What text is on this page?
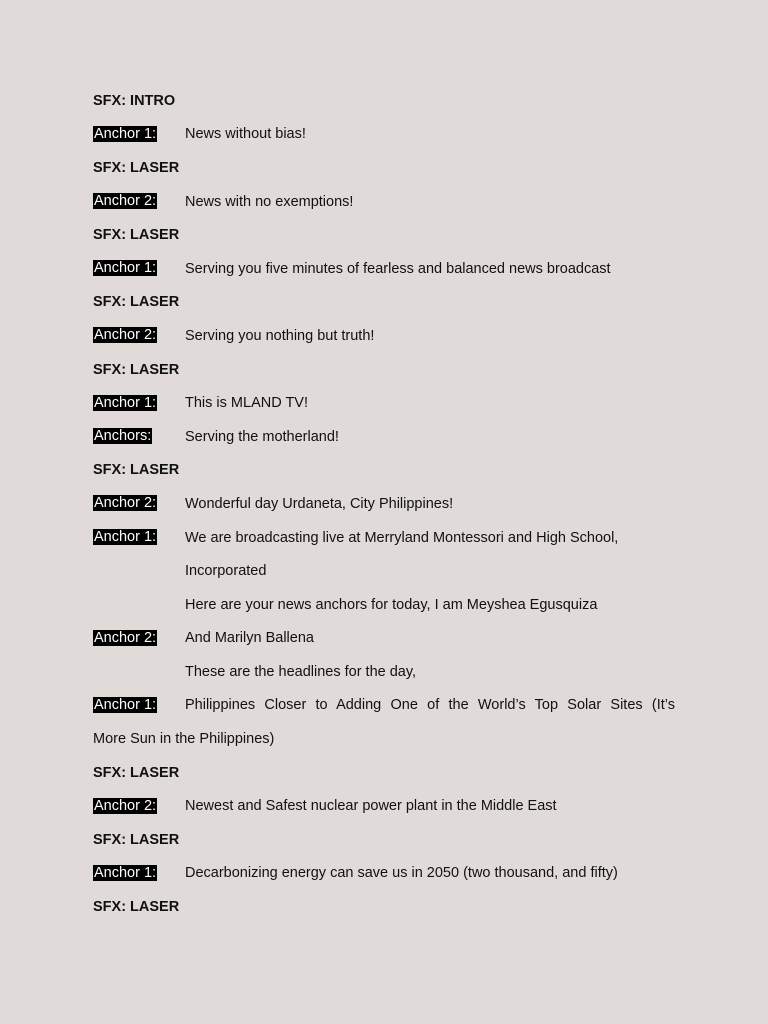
SFX: INTRO
Anchor 1:	News without bias!
SFX: LASER
Anchor 2:	News with no exemptions!
SFX: LASER
Anchor 1:	Serving you five minutes of fearless and balanced news broadcast
SFX: LASER
Anchor 2:	Serving you nothing but truth!
SFX: LASER
Anchor 1:	This is MLAND TV!
Anchors:	Serving the motherland!
SFX: LASER
Anchor 2:	Wonderful day Urdaneta, City Philippines!
Anchor 1:	We are broadcasting live at Merryland Montessori and High School,
Incorporated
Here are your news anchors for today, I am Meyshea Egusquiza
Anchor 2:	And Marilyn Ballena
These are the headlines for the day,
Anchor 1:	Philippines Closer to Adding One of the World’s Top Solar Sites (It’s
More Sun in the Philippines)
SFX: LASER
Anchor 2:	Newest and Safest nuclear power plant in the Middle East
SFX: LASER
Anchor 1:	Decarbonizing energy can save us in 2050 (two thousand, and fifty)
SFX: LASER
